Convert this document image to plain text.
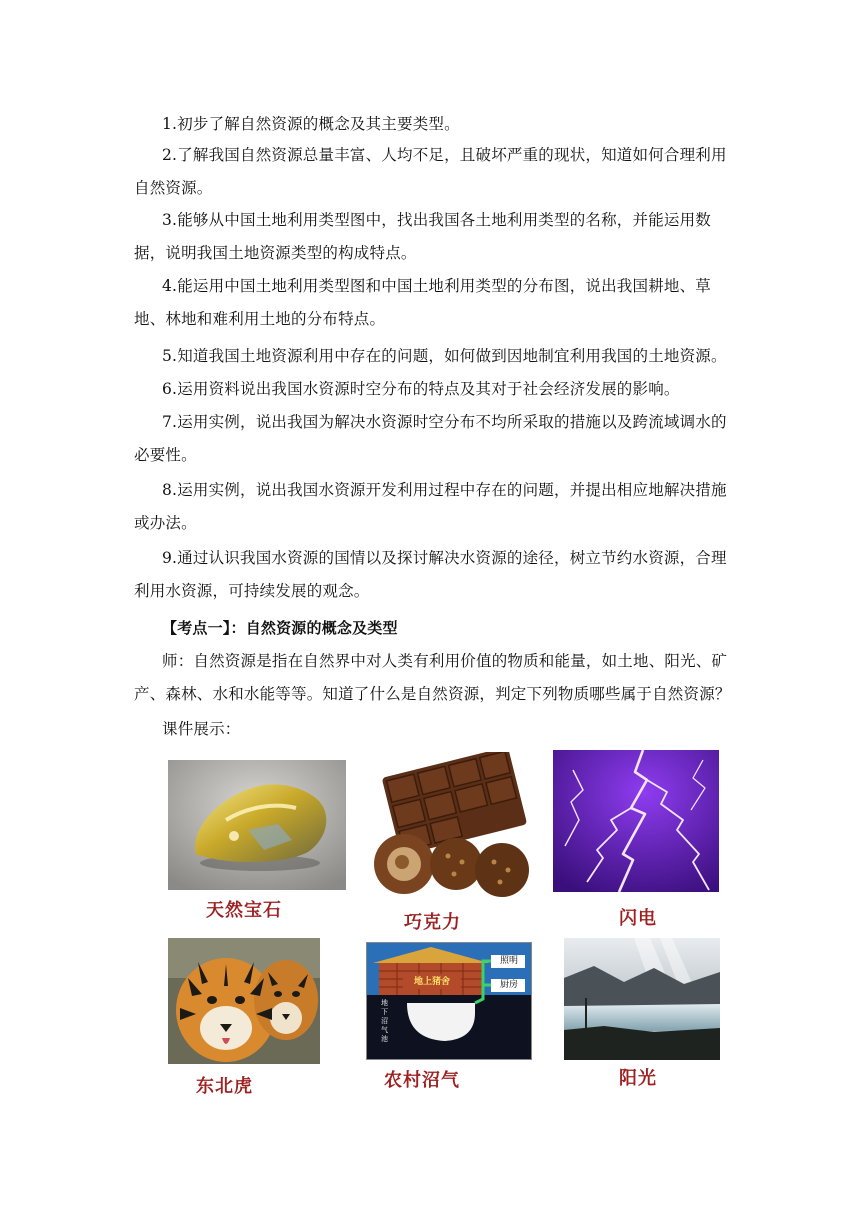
1.初步了解自然资源的概念及其主要类型。

2.了解我国自然资源总量丰富、人均不足，且破坏严重的现状，知道如何合理利用自然资源。

3.能够从中国土地利用类型图中，找出我国各土地利用类型的名称，并能运用数据，说明我国土地资源类型的构成特点。

4.能运用中国土地利用类型图和中国土地利用类型的分布图，说出我国耕地、草地、林地和难利用土地的分布特点。

5.知道我国土地资源利用中存在的问题，如何做到因地制宜利用我国的土地资源。

6.运用资料说出我国水资源时空分布的特点及其对于社会经济发展的影响。

7.运用实例，说出我国为解决水资源时空分布不均所采取的措施以及跨流域调水的必要性。

8.运用实例，说出我国水资源开发利用过程中存在的问题，并提出相应地解决措施或办法。

9.通过认识我国水资源的国情以及探讨解决水资源的途径，树立节约水资源，合理利用水资源，可持续发展的观念。

【考点一】：自然资源的概念及类型

师：自然资源是指在自然界中对人类有利用价值的物质和能量，如土地、阳光、矿产、森林、水和水能等等。知道了什么是自然资源，判定下列物质哪些属于自然资源？

课件展示：

天然宝石
巧克力	闪电
东北虎
照明
厨房
地上猪舍
地下沼气池
农村沼气	阳光
